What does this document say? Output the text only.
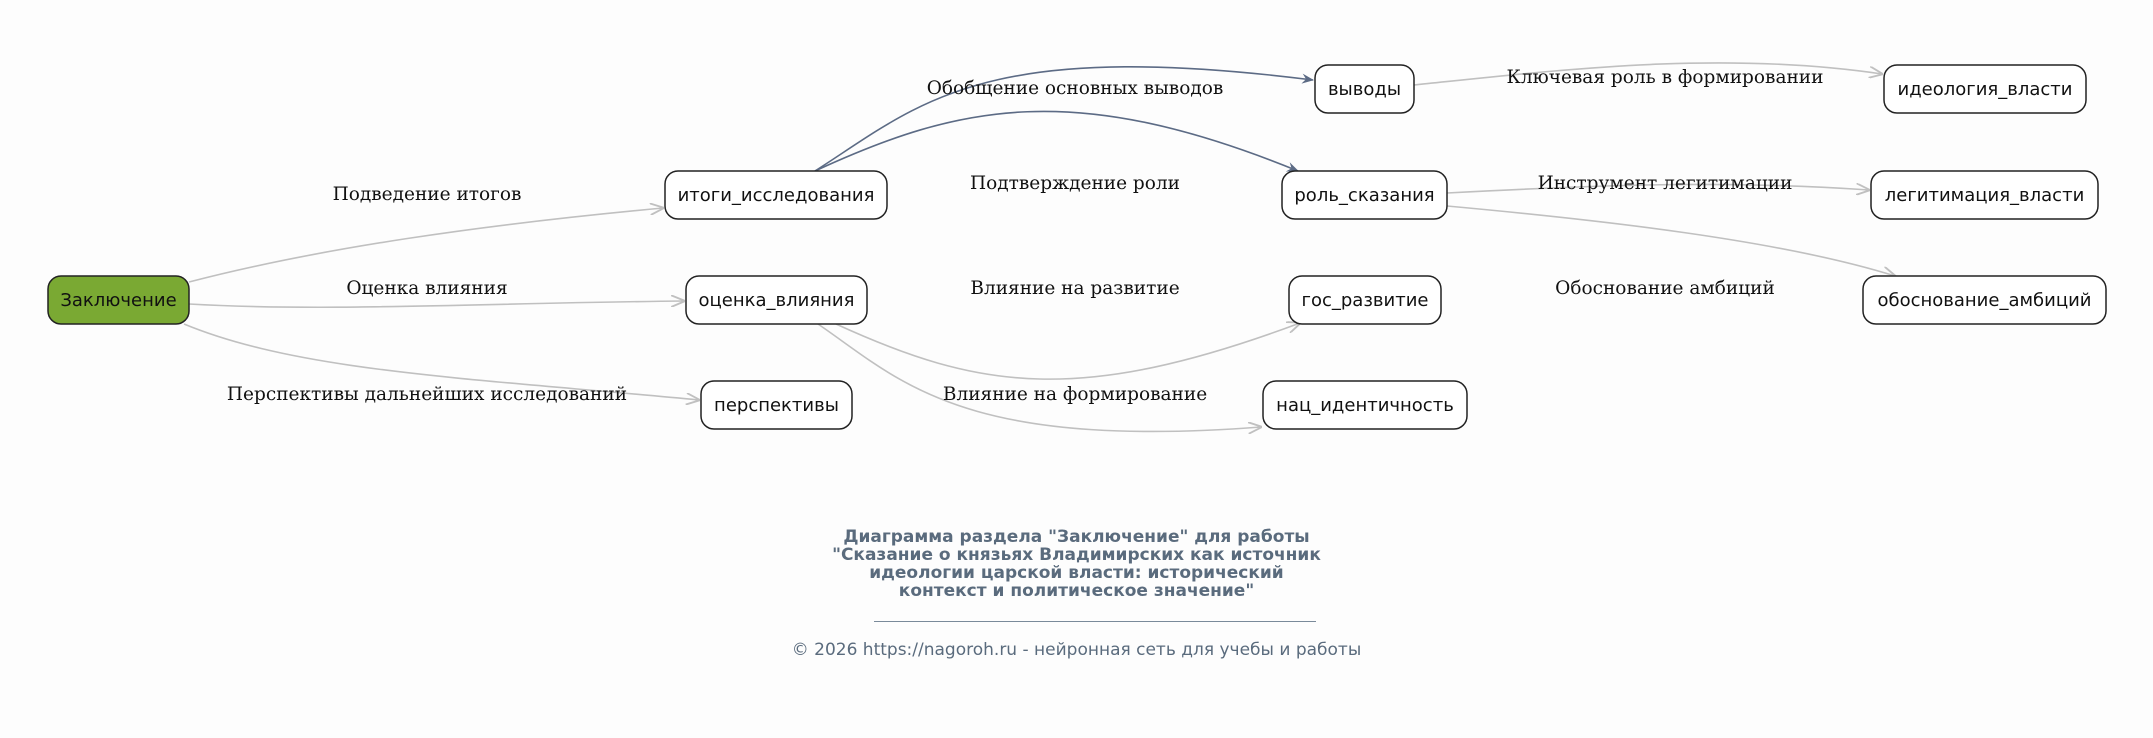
Подведение итогов
Оценка влияния
Перспективы дальнейших исследований
Обобщение основных выводов
Подтверждение роли
Влияние на развитие
Влияние на формирование
Ключевая роль в формировании
Инструмент легитимации
Обоснование амбиций
Заключение
итоги_исследования
оценка_влияния
перспективы
выводы
роль_сказания
гос_развитие
нац_идентичность
идеология_власти
легитимация_власти
обоснование_амбиций
Диаграмма раздела "Заключение" для работы
"Сказание о князьях Владимирских как источник
идеологии царской власти: исторический
контекст и политическое значение"
© 2026 https://nagoroh.ru - нейронная сеть для учебы и работы
